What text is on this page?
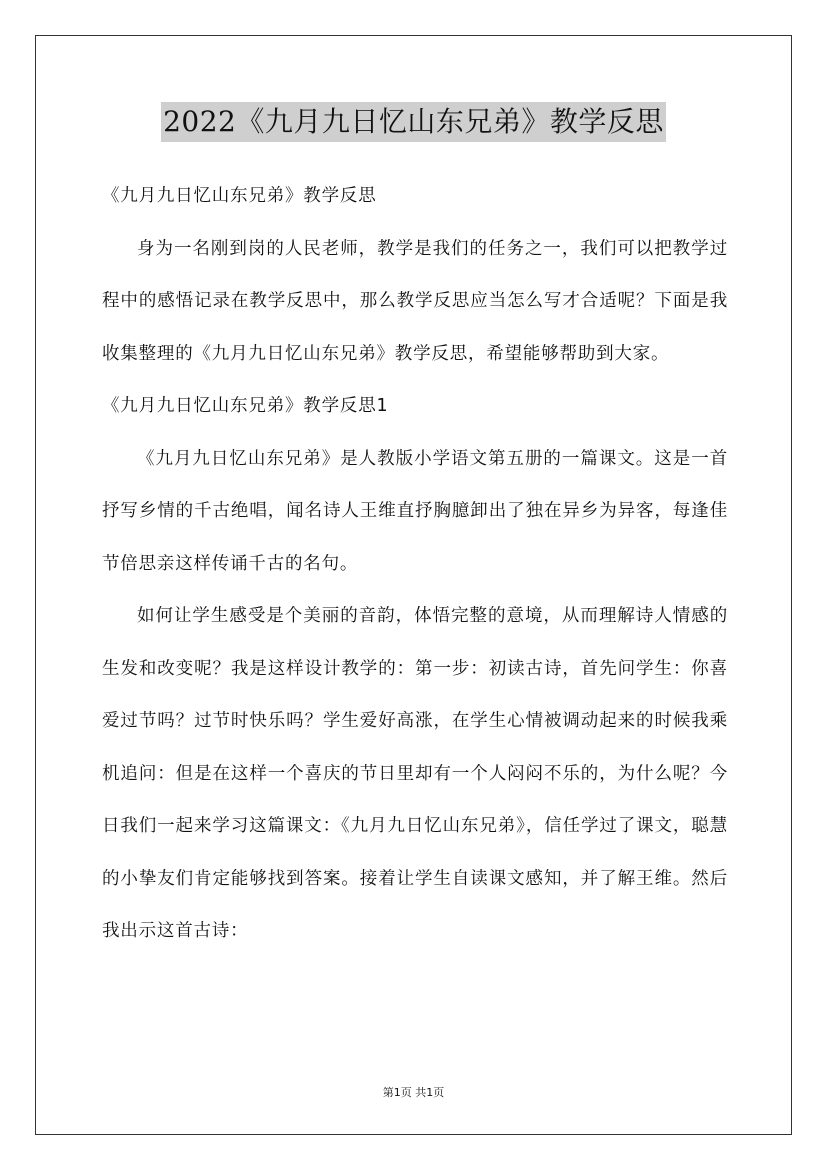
2022《九月九日忆山东兄弟》教学反思

《九月九日忆山东兄弟》教学反思

身为一名刚到岗的人民老师，教学是我们的任务之一，我们可以把教学过程中的感悟记录在教学反思中，那么教学反思应当怎么写才合适呢？下面是我收集整理的《九月九日忆山东兄弟》教学反思，希望能够帮助到大家。

《九月九日忆山东兄弟》教学反思1

《九月九日忆山东兄弟》是人教版小学语文第五册的一篇课文。这是一首抒写乡情的千古绝唱，闻名诗人王维直抒胸臆卸出了独在异乡为异客，每逢佳节倍思亲这样传诵千古的名句。

如何让学生感受是个美丽的音韵，体悟完整的意境，从而理解诗人情感的生发和改变呢？我是这样设计教学的：第一步：初读古诗，首先问学生：你喜爱过节吗？过节时快乐吗？学生爱好高涨，在学生心情被调动起来的时候我乘机追问：但是在这样一个喜庆的节日里却有一个人闷闷不乐的，为什么呢？今日我们一起来学习这篇课文：《九月九日忆山东兄弟》，信任学过了课文，聪慧的小挚友们肯定能够找到答案。接着让学生自读课文感知，并了解王维。然后我出示这首古诗：

第1页 共1页
